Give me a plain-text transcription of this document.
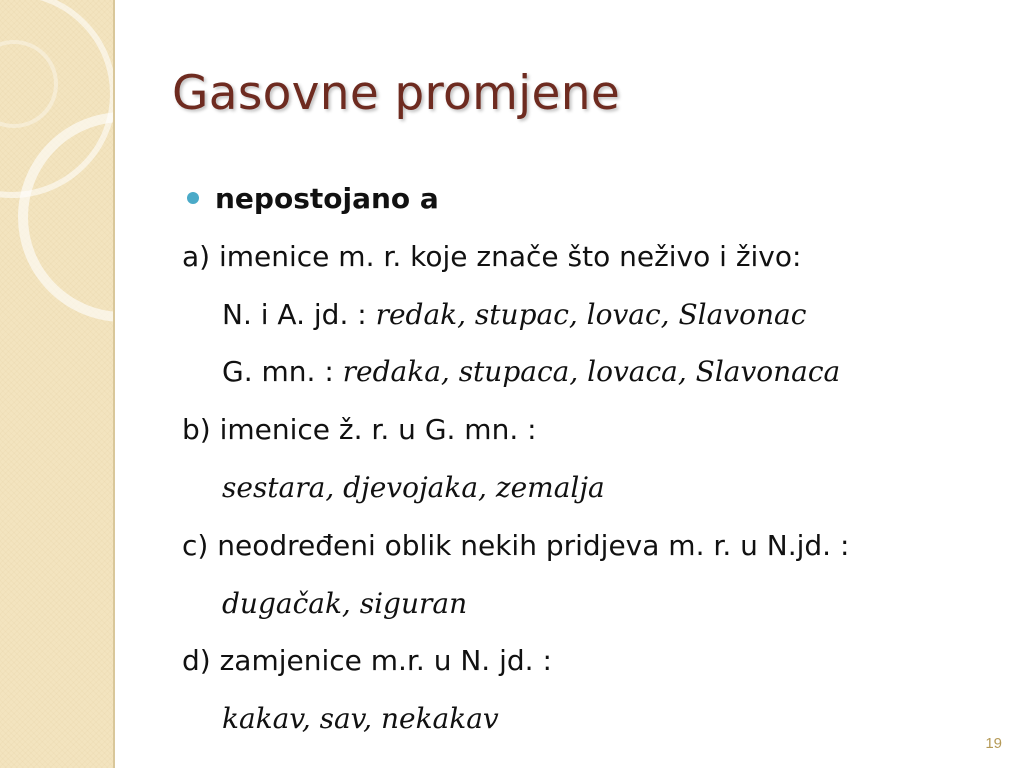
Gasovne promjene
nepostojano a
a) imenice m. r. koje znače što neživo i živo:
N. i A. jd. : redak, stupac, lovac, Slavonac
G. mn. : redaka, stupaca, lovaca, Slavonaca
b) imenice ž. r. u G. mn. :
sestara, djevojaka, zemalja
c) neodređeni oblik nekih pridjeva m. r. u N.jd. :
dugačak, siguran
d) zamjenice m.r. u N. jd. :
kakav, sav, nekakav
19
